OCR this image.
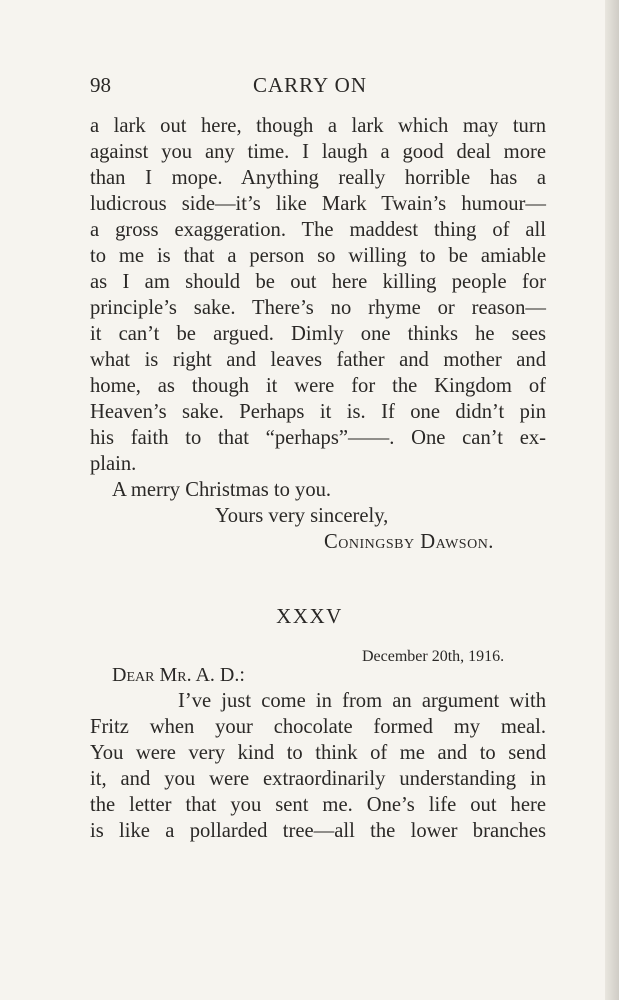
98	CARRY ON
a lark out here, though a lark which may turn
against you any time. I laugh a good deal more
than I mope. Anything really horrible has a
ludicrous side—it’s like Mark Twain’s humour—
a gross exaggeration. The maddest thing of all
to me is that a person so willing to be amiable
as I am should be out here killing people for
principle’s sake. There’s no rhyme or reason—
it can’t be argued. Dimly one thinks he sees
what is right and leaves father and mother and
home, as though it were for the Kingdom of
Heaven’s sake. Perhaps it is. If one didn’t pin
his faith to that “perhaps”——. One can’t ex-
plain.
A merry Christmas to you.
Yours very sincerely,
Coningsby Dawson.
XXXV
December 20th, 1916.
Dear Mr. A. D.:
I’ve just come in from an argument with
Fritz when your chocolate formed my meal.
You were very kind to think of me and to send
it, and you were extraordinarily understanding in
the letter that you sent me. One’s life out here
is like a pollarded tree—all the lower branches
